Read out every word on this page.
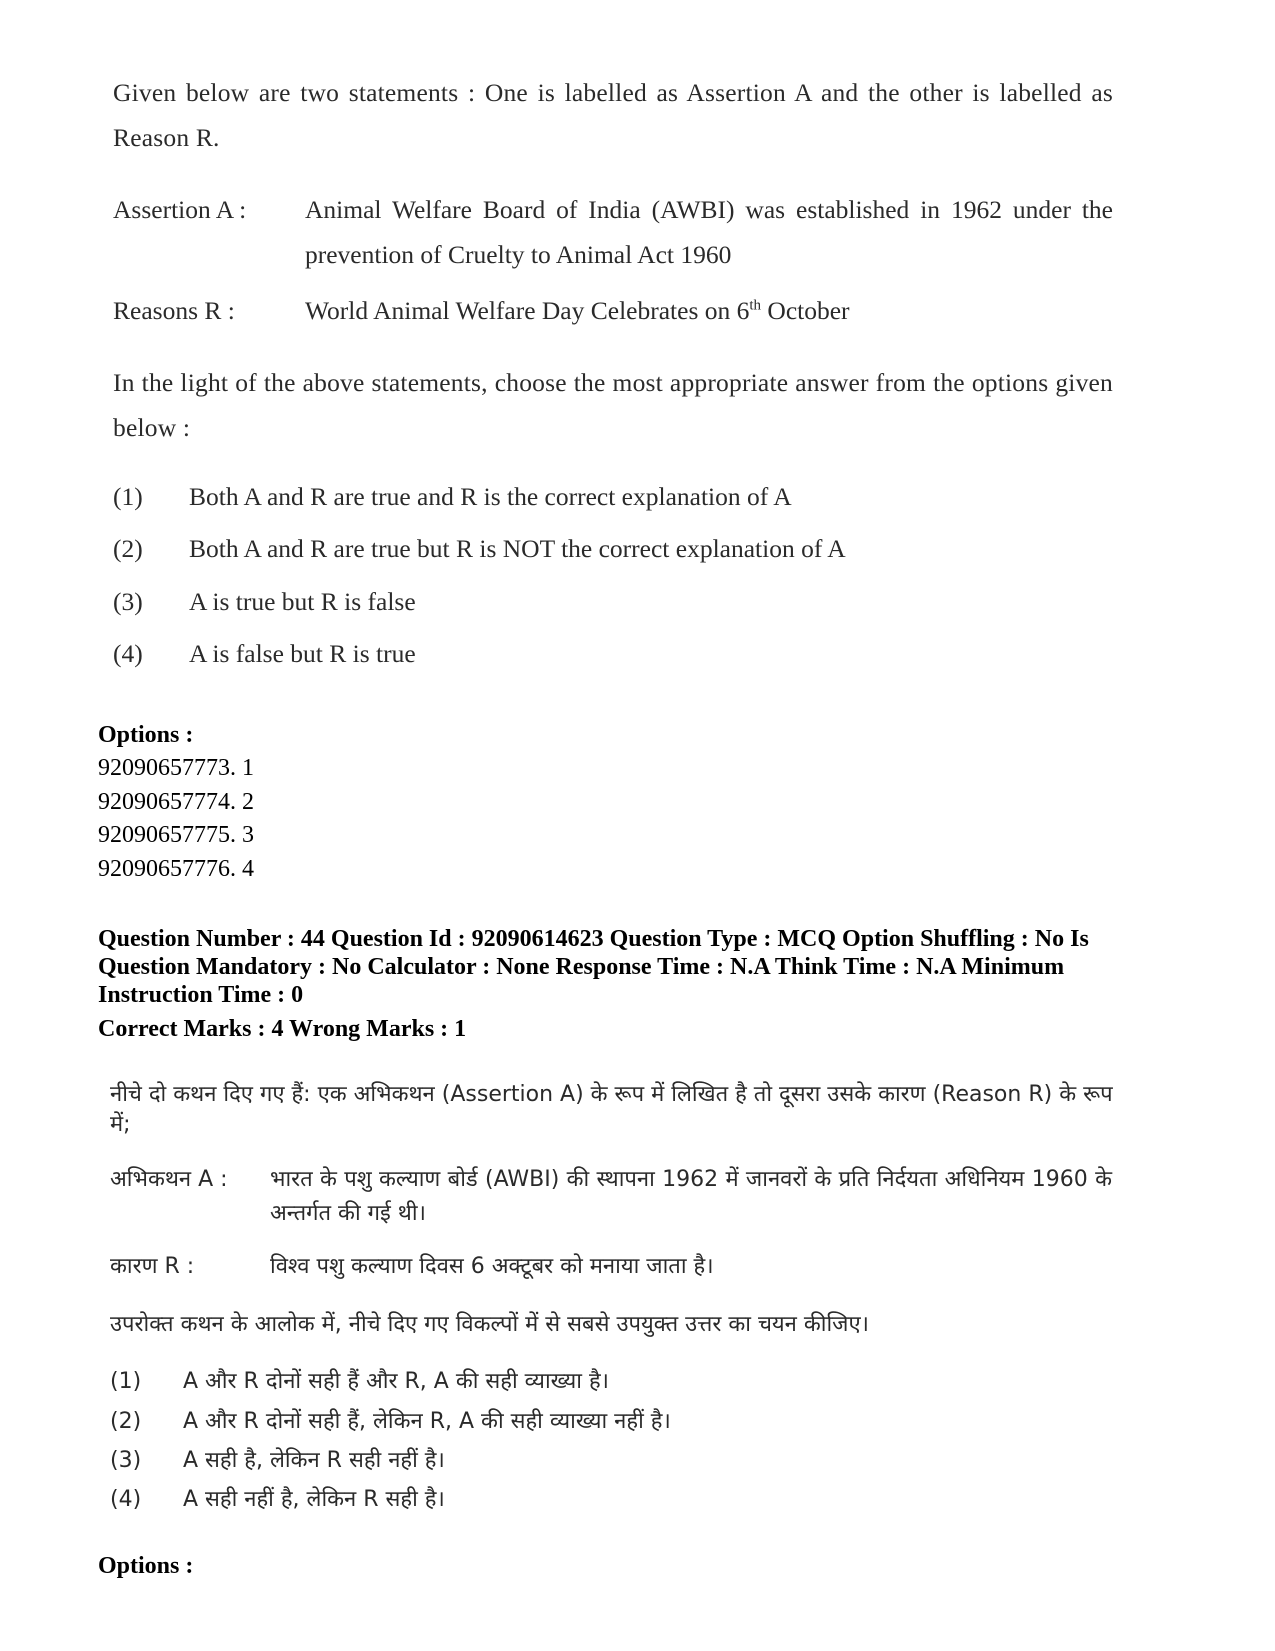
Given below are two statements : One is labelled as Assertion A and the other is labelled as Reason R.

Assertion A : Animal Welfare Board of India (AWBI) was established in 1962 under the prevention of Cruelty to Animal Act 1960
Reasons R :	World Animal Welfare Day Celebrates on 6th October

In the light of the above statements, choose the most appropriate answer from the options given below :

(1) Both A and R are true and R is the correct explanation of A
(2) Both A and R are true but R is NOT the correct explanation of A
(3) A is true but R is false
(4) A is false but R is true
Options :
92090657773. 1
92090657774. 2
92090657775. 3
92090657776. 4
Question Number : 44 Question Id : 92090614623 Question Type : MCQ Option Shuffling : No Is
Question Mandatory : No Calculator : None Response Time : N.A Think Time : N.A Minimum
Instruction Time : 0
Correct Marks : 4 Wrong Marks : 1

नीचे दो कथन दिए गए हैं: एक अभिकथन (Assertion A) के रूप में लिखित है तो दूसरा उसके कारण (Reason R) के रूप में;

अभिकथन A : भारत के पशु कल्याण बोर्ड (AWBI) की स्थापना 1962 में जानवरों के प्रति निर्दयता अधिनियम 1960 के अन्तर्गत की गई थी।
कारण R :	विश्व पशु कल्याण दिवस 6 अक्टूबर को मनाया जाता है।

उपरोक्त कथन के आलोक में, नीचे दिए गए विकल्पों में से सबसे उपयुक्त उत्तर का चयन कीजिए।

(1) A और R दोनों सही हैं और R, A की सही व्याख्या है।
(2) A और R दोनों सही हैं, लेकिन R, A की सही व्याख्या नहीं है।
(3) A सही है, लेकिन R सही नहीं है।
(4) A सही नहीं है, लेकिन R सही है।
Options :
